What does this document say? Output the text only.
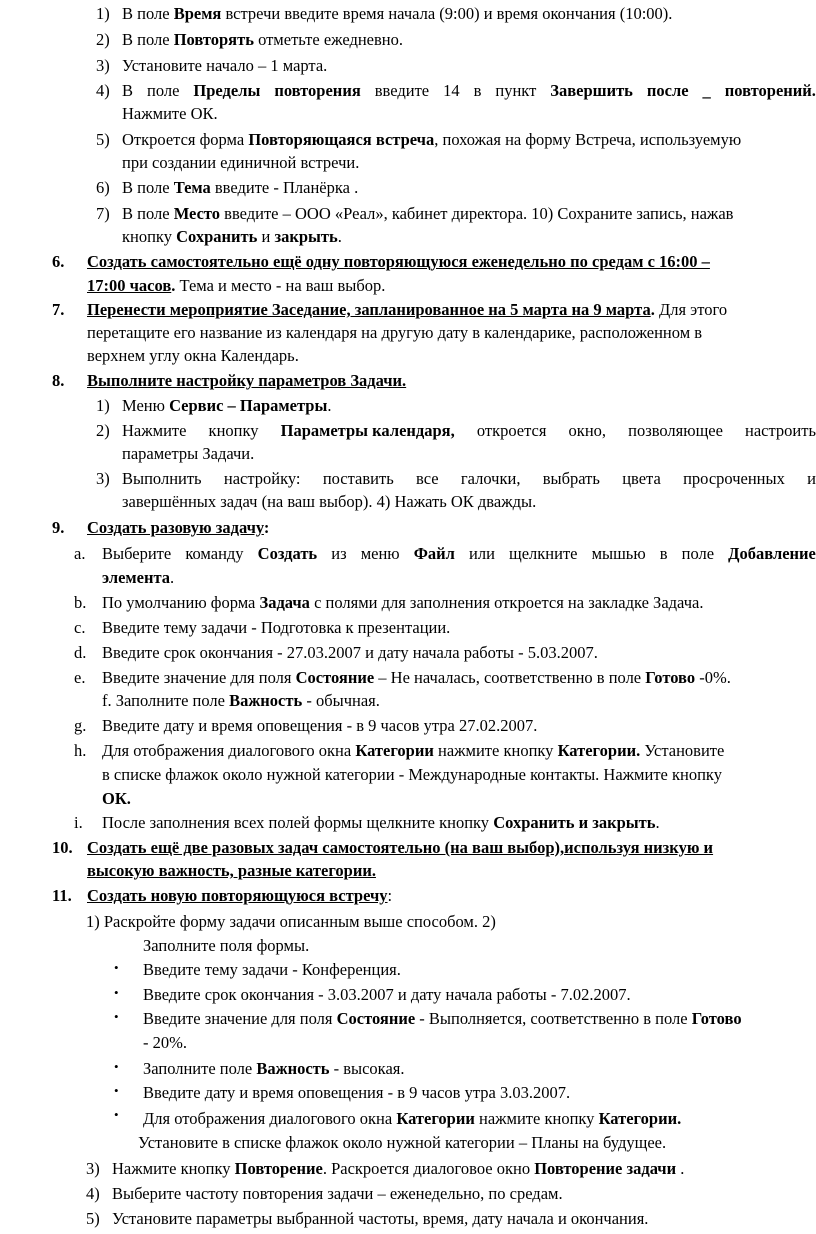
1) В поле Время встречи введите время начала (9:00) и время окончания (10:00).
2) В поле Повторять отметьте ежедневно.
3) Установите начало – 1 марта.
4) В поле Пределы повторения введите 14 в пункт Завершить после _ повторений.
Нажмите ОК.
5) Откроется форма Повторяющаяся встреча, похожая на форму Встреча, используемую
при создании единичной встречи.
6) В поле Тема введите - Планёрка .
7) В поле Место введите – ООО «Реал», кабинет директора. 10) Сохраните запись, нажав
кнопку Сохранить и закрыть.
6. Создать самостоятельно ещё одну повторяющуюся еженедельно по средам с 16:00 –
17:00 часов. Тема и место - на ваш выбор.
7. Перенести мероприятие Заседание, запланированное на 5 марта на 9 марта. Для этого
перетащите его название из календаря на другую дату в календарике, расположенном в
верхнем углу окна Календарь.
8. Выполните настройку параметров Задачи.
1) Меню Сервис – Параметры.
2) Нажмите кнопку Параметры календаря, откроется окно, позволяющее настроить
параметры Задачи.
3) Выполнить настройку: поставить все галочки, выбрать цвета просроченных и
завершённых задач (на ваш выбор). 4) Нажать ОК дважды.
9. Создать разовую задачу:
a. Выберите команду Создать из меню Файл или щелкните мышью в поле Добавление
элемента.
b. По умолчанию форма Задача с полями для заполнения откроется на закладке Задача.
c. Введите тему задачи - Подготовка к презентации.
d. Введите срок окончания - 27.03.2007 и дату начала работы - 5.03.2007.
e. Введите значение для поля Состояние – Не началась, соответственно в поле Готово -0%.
f. Заполните поле Важность - обычная.
g. Введите дату и время оповещения - в 9 часов утра 27.02.2007.
h. Для отображения диалогового окна Категории нажмите кнопку Категории. Установите
в списке флажок около нужной категории - Международные контакты. Нажмите кнопку
ОК.
i. После заполнения всех полей формы щелкните кнопку Сохранить и закрыть.
10. Создать ещё две разовых задач самостоятельно (на ваш выбор),используя низкую и
высокую важность, разные категории.
11. Создать новую повторяющуюся встречу:
1) Раскройте форму задачи описанным выше способом. 2)
Заполните поля формы.
• Введите тему задачи - Конференция.
• Введите срок окончания - 3.03.2007 и дату начала работы - 7.02.2007.
• Введите значение для поля Состояние - Выполняется, соответственно в поле Готово
- 20%.
• Заполните поле Важность - высокая.
• Введите дату и время оповещения - в 9 часов утра 3.03.2007.
• Для отображения диалогового окна Категории нажмите кнопку Категории.
Установите в списке флажок около нужной категории – Планы на будущее.
3) Нажмите кнопку Повторение. Раскроется диалоговое окно Повторение задачи .
4) Выберите частоту повторения задачи – еженедельно, по средам.
5) Установите параметры выбранной частоты, время, дату начала и окончания.
